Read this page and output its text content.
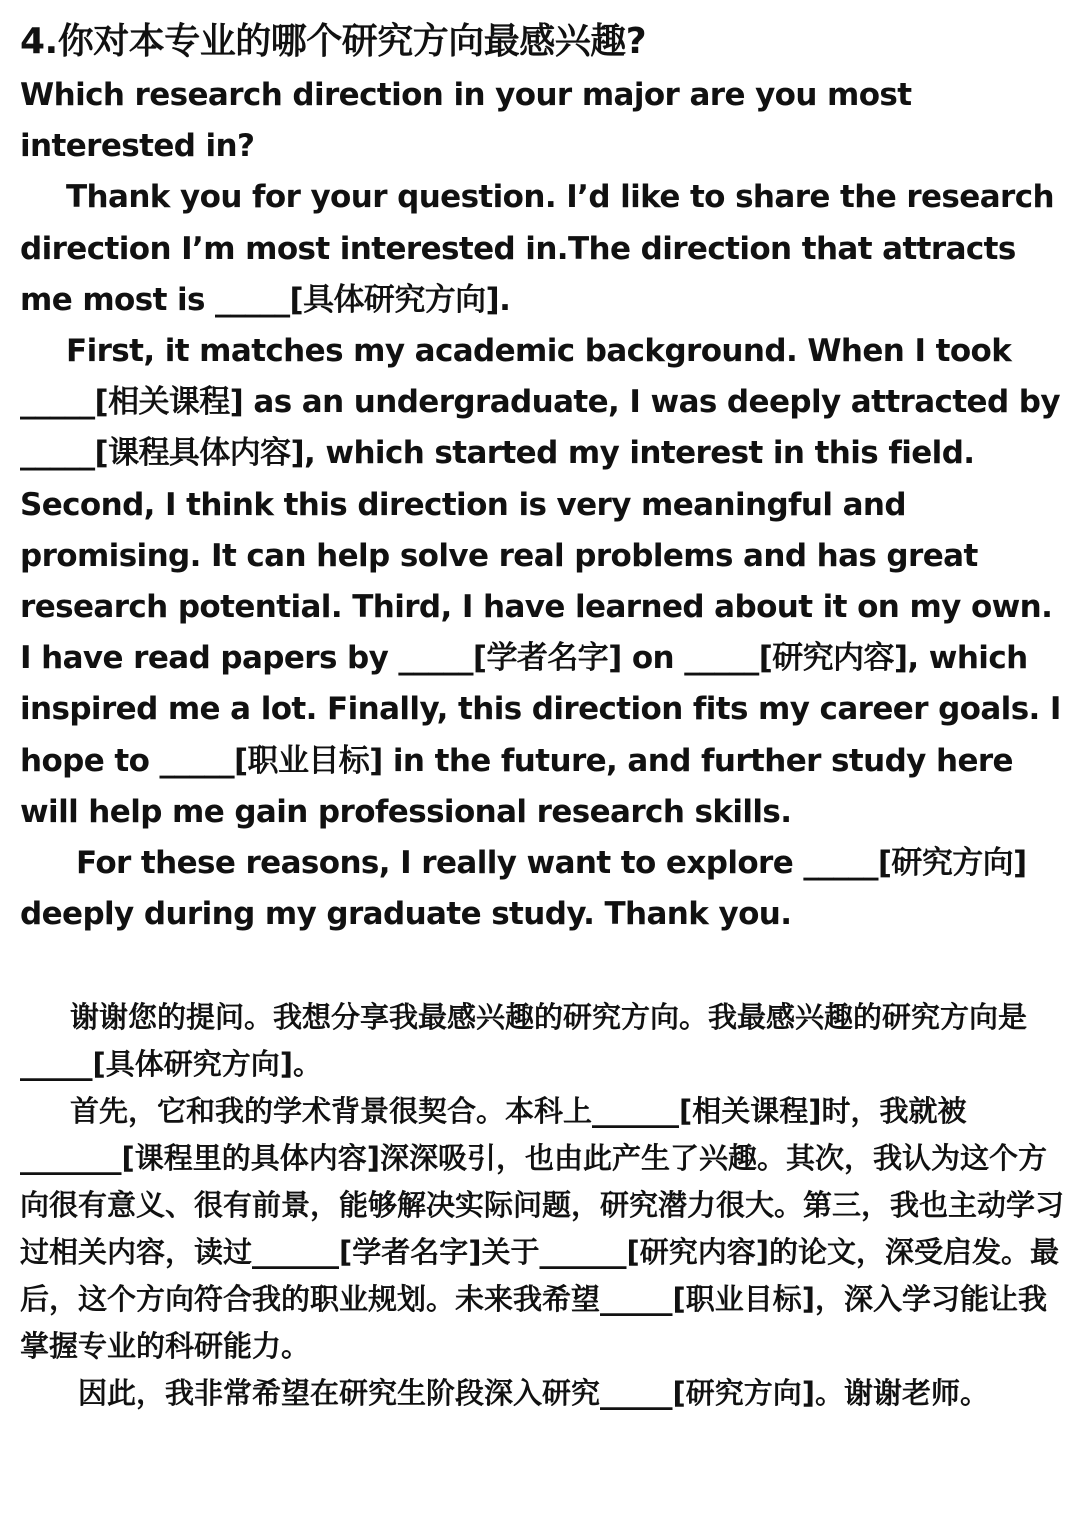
4.你对本专业的哪个研究方向最感兴趣?

Which research direction in your major are you most interested in?

Thank you for your question. I’d like to share the research direction I’m most interested in.The direction that attracts me most is _____[具体研究方向].

First, it matches my academic background. When I took _____[相关课程] as an undergraduate, I was deeply attracted by _____[课程具体内容], which started my interest in this field. Second, I think this direction is very meaningful and promising. It can help solve real problems and has great research potential. Third, I have learned about it on my own. I have read papers by _____[学者名字] on _____[研究内容], which inspired me a lot. Finally, this direction fits my career goals. I hope to _____[职业目标] in the future, and further study here will help me gain professional research skills.

For these reasons, I really want to explore _____[研究方向] deeply during my graduate study. Thank you.

谢谢您的提问。我想分享我最感兴趣的研究方向。我最感兴趣的研究方向是_____[具体研究方向]。

首先，它和我的学术背景很契合。本科上______[相关课程]时，我就被_______[课程里的具体内容]深深吸引，也由此产生了兴趣。其次，我认为这个方向很有意义、很有前景，能够解决实际问题，研究潜力很大。第三，我也主动学习过相关内容，读过______[学者名字]关于______[研究内容]的论文，深受启发。最后，这个方向符合我的职业规划。未来我希望_____[职业目标]，深入学习能让我掌握专业的科研能力。

因此，我非常希望在研究生阶段深入研究_____[研究方向]。谢谢老师。
